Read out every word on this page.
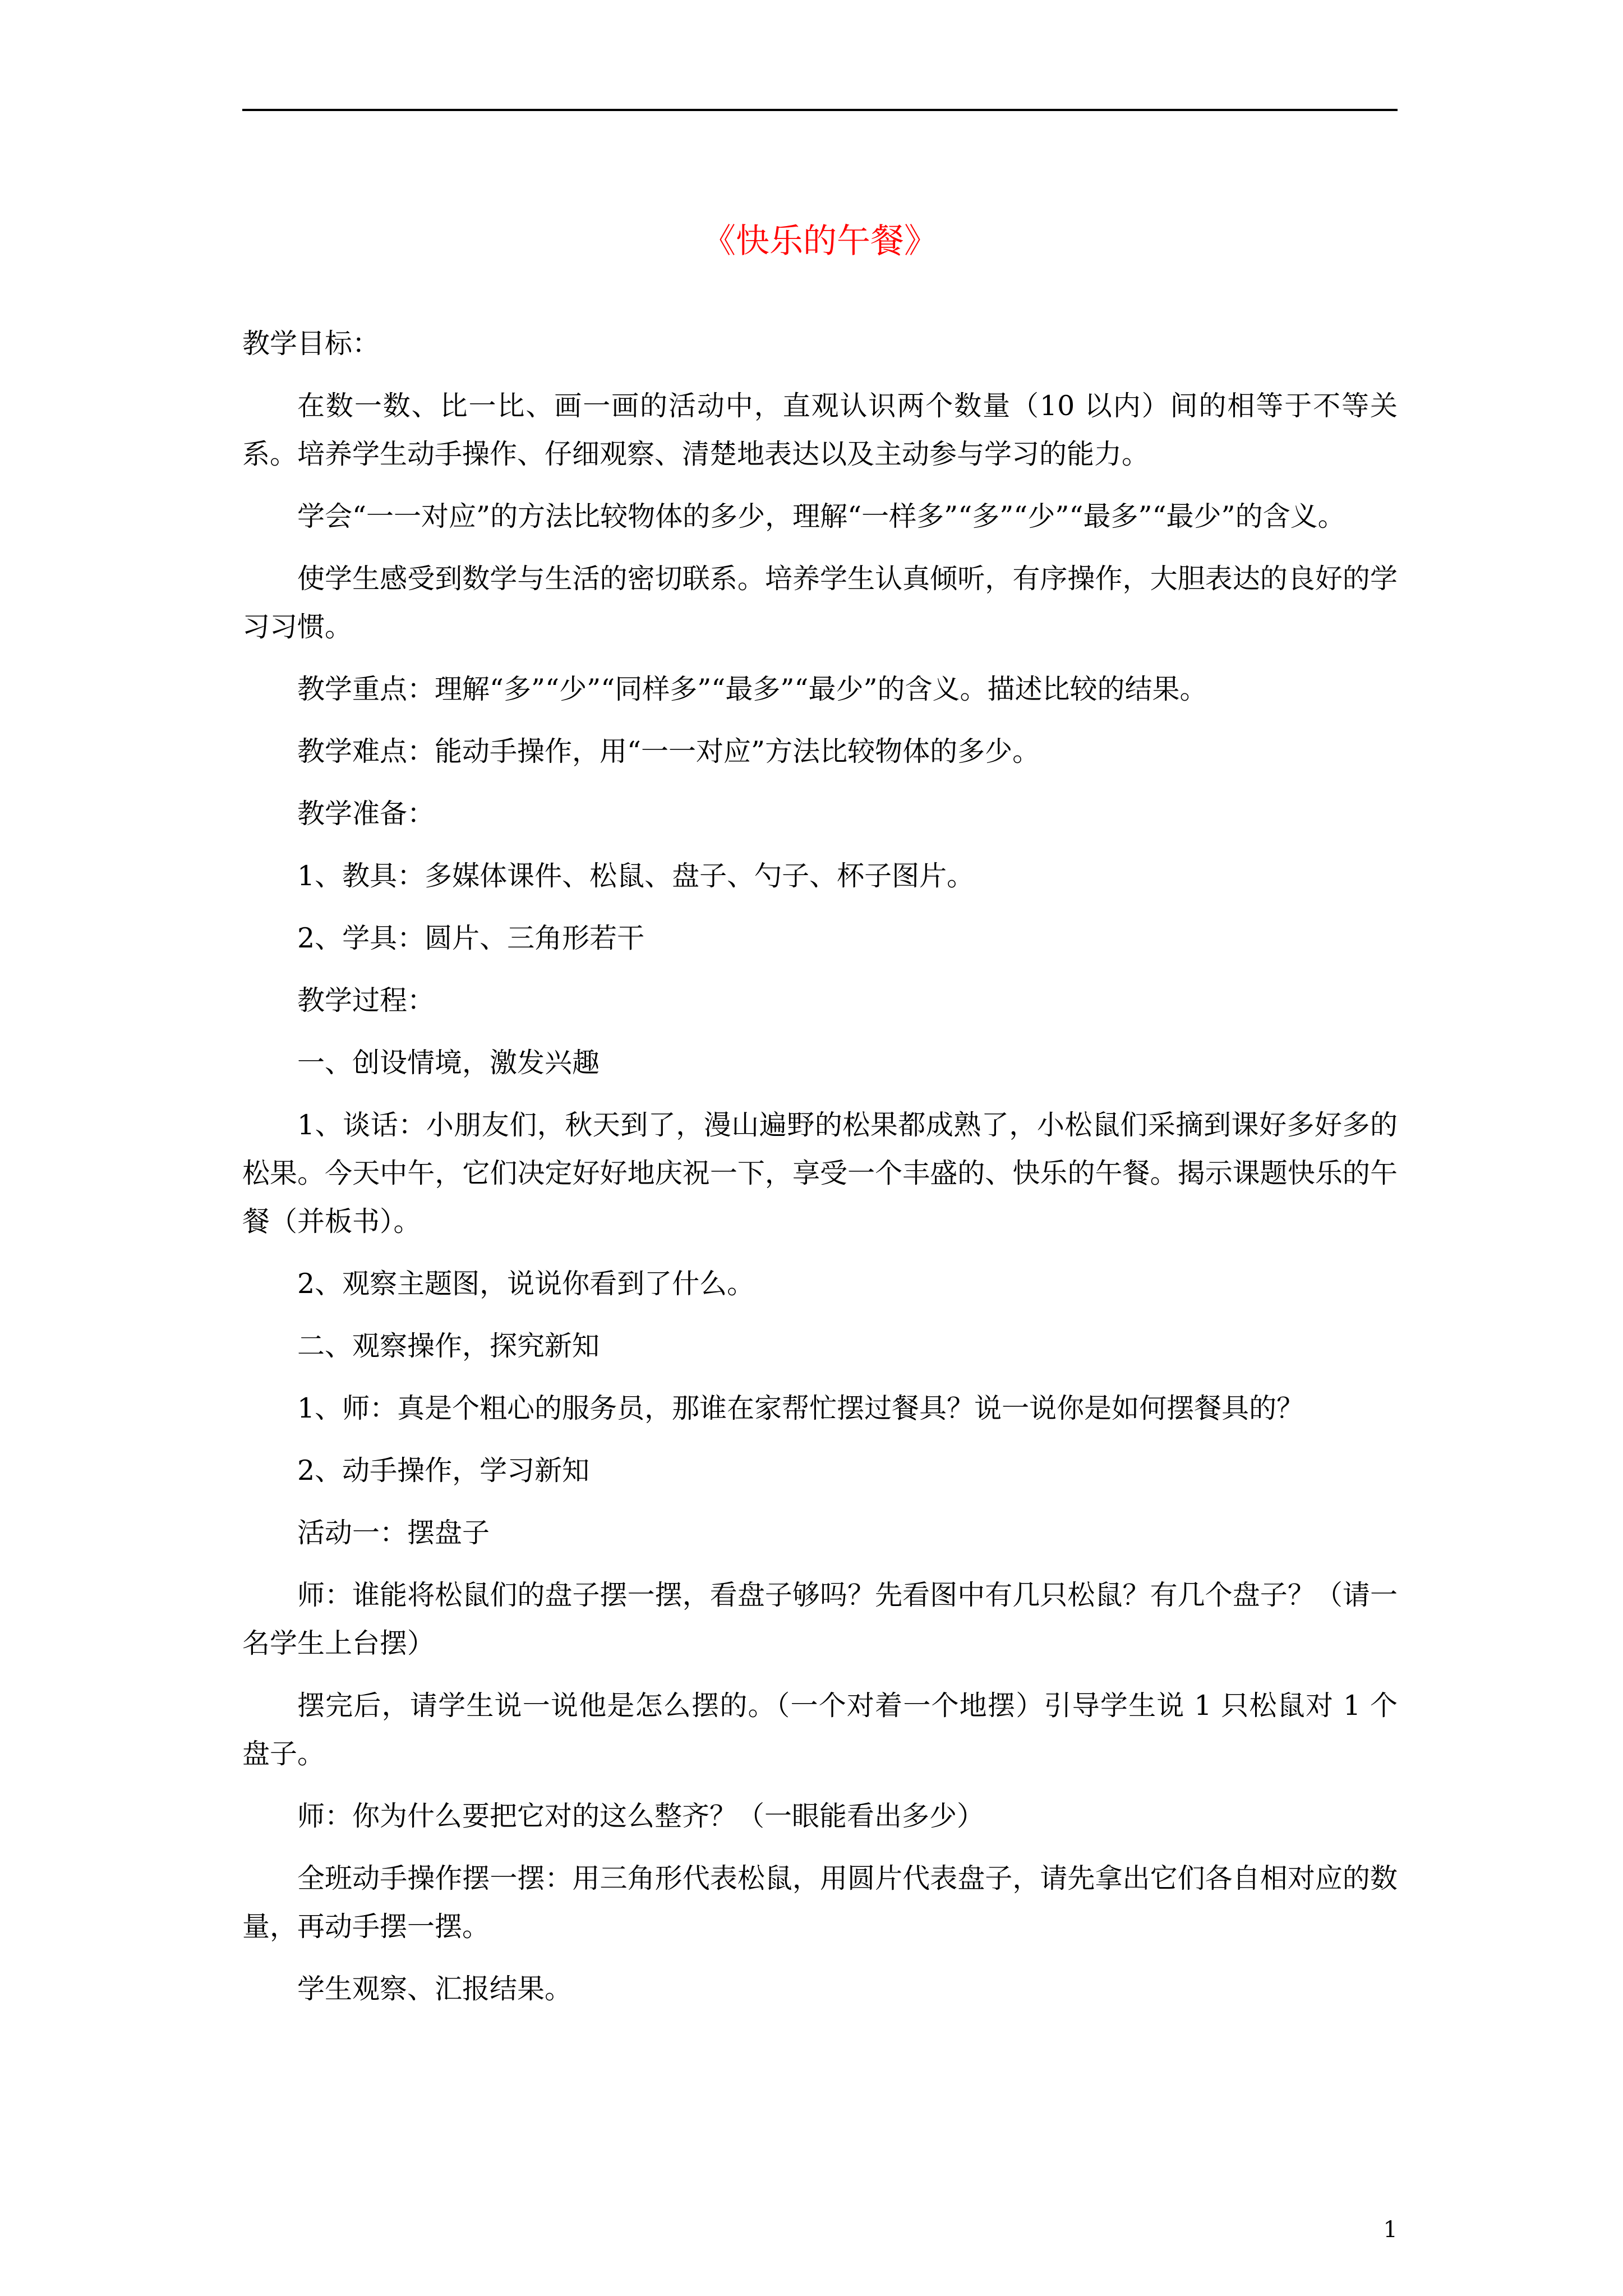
《快乐的午餐》

教学目标：

在数一数、比一比、画一画的活动中，直观认识两个数量（10 以内）间的相等于不等关系。培养学生动手操作、仔细观察、清楚地表达以及主动参与学习的能力。

学会“一一对应”的方法比较物体的多少，理解“一样多”“多”“少”“最多”“最少”的含义。

使学生感受到数学与生活的密切联系。培养学生认真倾听，有序操作，大胆表达的良好的学习习惯。

教学重点：理解“多”“少”“同样多”“最多”“最少”的含义。描述比较的结果。

教学难点：能动手操作，用“一一对应”方法比较物体的多少。

教学准备：

1、教具：多媒体课件、松鼠、盘子、勺子、杯子图片。

2、学具：圆片、三角形若干

教学过程：

一、创设情境，激发兴趣

1、谈话：小朋友们，秋天到了，漫山遍野的松果都成熟了，小松鼠们采摘到课好多好多的松果。今天中午，它们决定好好地庆祝一下，享受一个丰盛的、快乐的午餐。揭示课题快乐的午餐（并板书）。

2、观察主题图，说说你看到了什么。

二、观察操作，探究新知

1、师：真是个粗心的服务员，那谁在家帮忙摆过餐具？说一说你是如何摆餐具的？

2、动手操作，学习新知

活动一：摆盘子

师：谁能将松鼠们的盘子摆一摆，看盘子够吗？先看图中有几只松鼠？有几个盘子？（请一名学生上台摆）

摆完后，请学生说一说他是怎么摆的。（一个对着一个地摆）引导学生说 1 只松鼠对 1 个盘子。

师：你为什么要把它对的这么整齐？（一眼能看出多少）

全班动手操作摆一摆：用三角形代表松鼠，用圆片代表盘子，请先拿出它们各自相对应的数量，再动手摆一摆。

学生观察、汇报结果。

1
